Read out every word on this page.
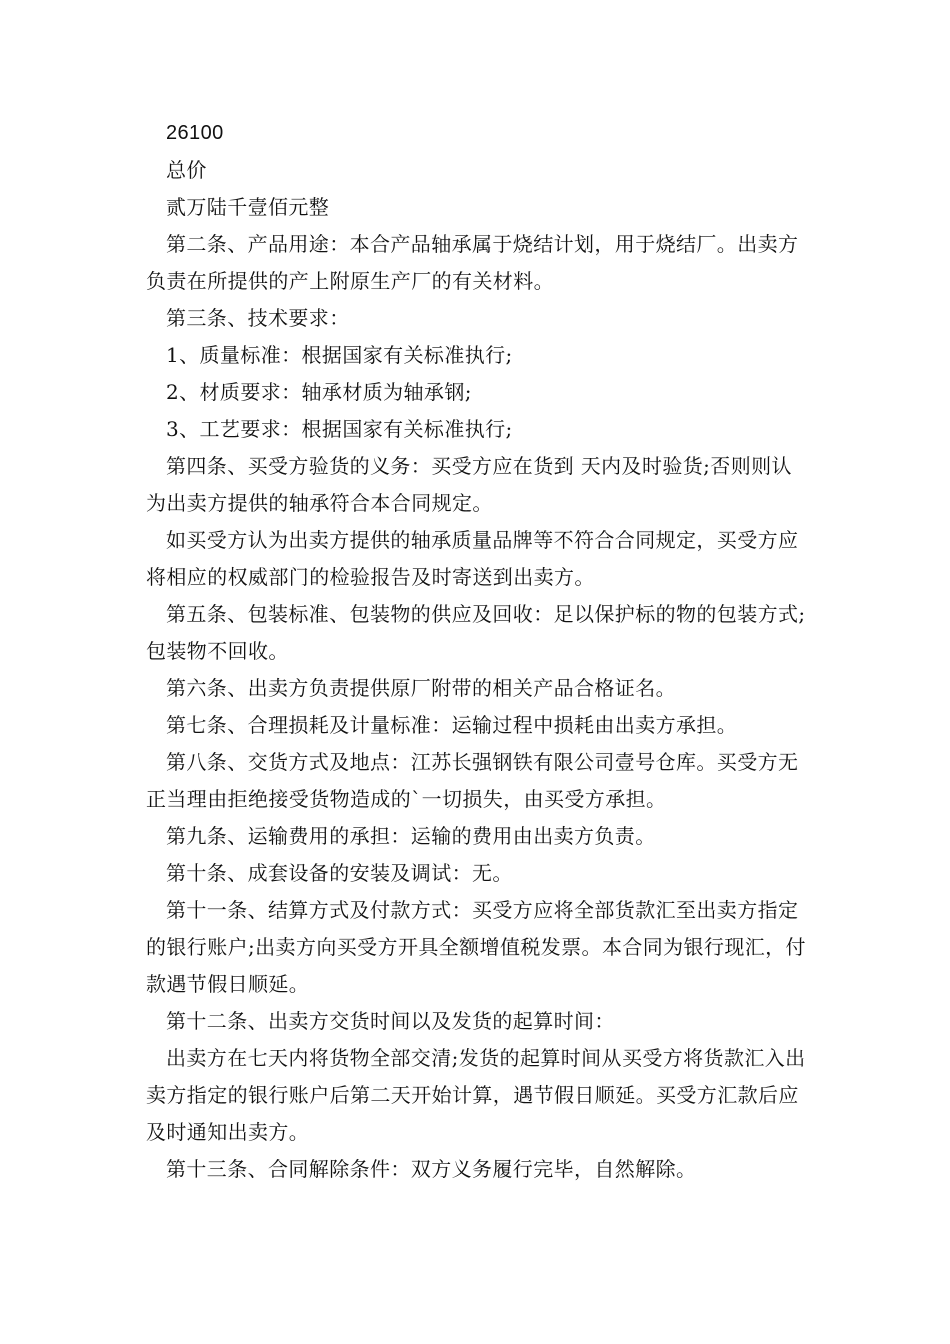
26100

总价

贰万陆千壹佰元整

第二条、产品用途：本合产品轴承属于烧结计划，用于烧结厂。出卖方负责在所提供的产上附原生产厂的有关材料。

第三条、技术要求：

1、质量标准：根据国家有关标准执行;

2、材质要求：轴承材质为轴承钢;

3、工艺要求：根据国家有关标准执行;

第四条、买受方验货的义务：买受方应在货到 天内及时验货;否则则认为出卖方提供的轴承符合本合同规定。

如买受方认为出卖方提供的轴承质量品牌等不符合合同规定，买受方应将相应的权威部门的检验报告及时寄送到出卖方。

第五条、包装标准、包装物的供应及回收：足以保护标的物的包装方式;包装物不回收。

第六条、出卖方负责提供原厂附带的相关产品合格证名。

第七条、合理损耗及计量标准：运输过程中损耗由出卖方承担。

第八条、交货方式及地点：江苏长强钢铁有限公司壹号仓库。买受方无正当理由拒绝接受货物造成的`一切损失，由买受方承担。

第九条、运输费用的承担：运输的费用由出卖方负责。

第十条、成套设备的安装及调试：无。

第十一条、结算方式及付款方式：买受方应将全部货款汇至出卖方指定的银行账户;出卖方向买受方开具全额增值税发票。本合同为银行现汇，付款遇节假日顺延。

第十二条、出卖方交货时间以及发货的起算时间：

出卖方在七天内将货物全部交清;发货的起算时间从买受方将货款汇入出卖方指定的银行账户后第二天开始计算，遇节假日顺延。买受方汇款后应及时通知出卖方。

第十三条、合同解除条件：双方义务履行完毕，自然解除。
